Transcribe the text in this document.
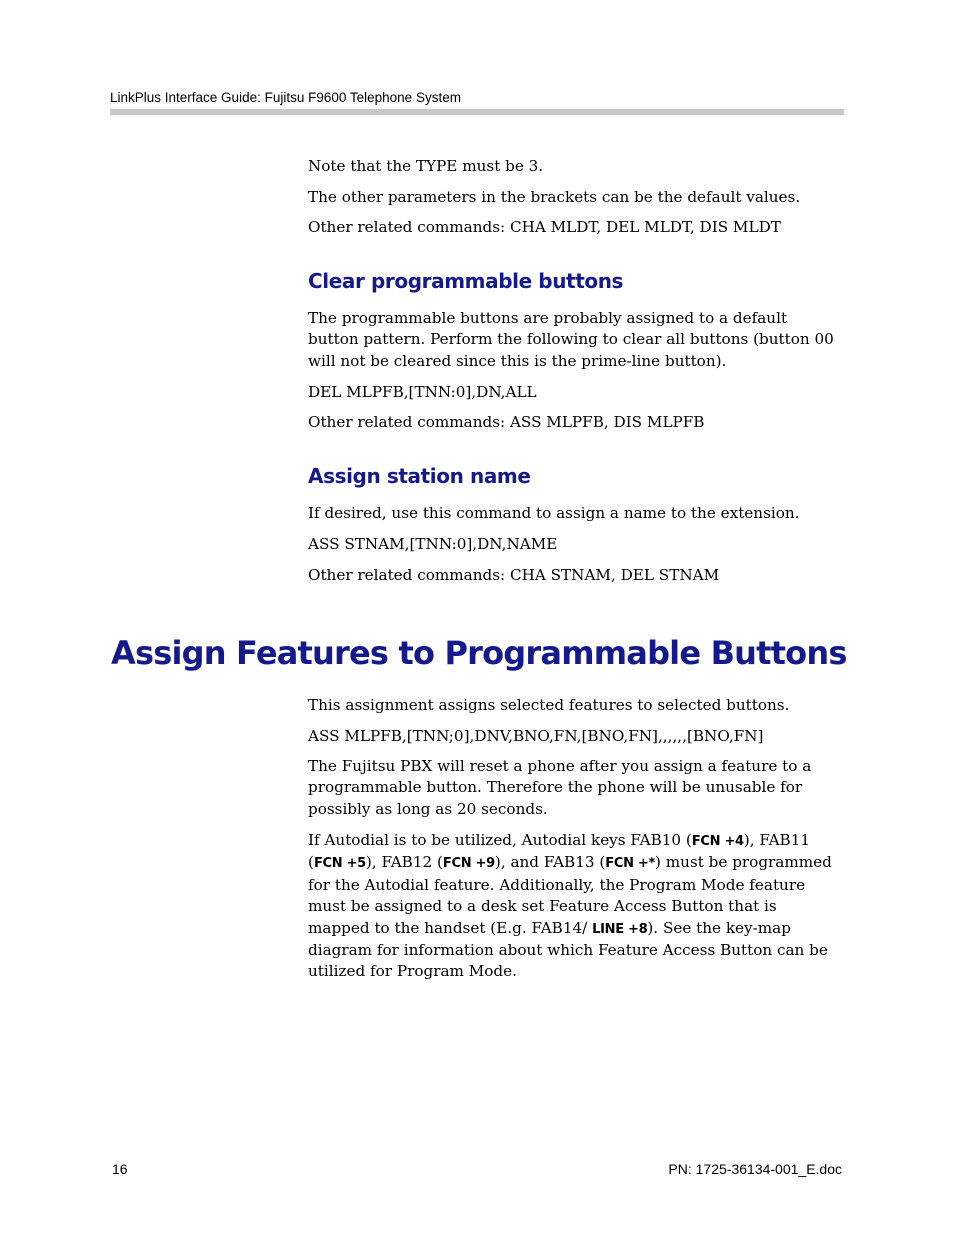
LinkPlus Interface Guide: Fujitsu F9600 Telephone System

Note that the TYPE must be 3.

The other parameters in the brackets can be the default values.

Other related commands: CHA MLDT, DEL MLDT, DIS MLDT

Clear programmable buttons

The programmable buttons are probably assigned to a default button pattern. Perform the following to clear all buttons (button 00 will not be cleared since this is the prime-line button).

DEL MLPFB,[TNN:0],DN,ALL

Other related commands: ASS MLPFB, DIS MLPFB

Assign station name

If desired, use this command to assign a name to the extension.

ASS STNAM,[TNN:0],DN,NAME

Other related commands: CHA STNAM, DEL STNAM

Assign Features to Programmable Buttons

This assignment assigns selected features to selected buttons.

ASS MLPFB,[TNN;0],DNV,BNO,FN,[BNO,FN],,,,,,[BNO,FN]

The Fujitsu PBX will reset a phone after you assign a feature to a programmable button. Therefore the phone will be unusable for possibly as long as 20 seconds.

If Autodial is to be utilized, Autodial keys FAB10 (FCN +4), FAB11 (FCN +5), FAB12 (FCN +9), and FAB13 (FCN +*) must be programmed for the Autodial feature. Additionally, the Program Mode feature must be assigned to a desk set Feature Access Button that is mapped to the handset (E.g. FAB14/ LINE +8). See the key-map diagram for information about which Feature Access Button can be utilized for Program Mode.

16	PN: 1725-36134-001_E.doc
